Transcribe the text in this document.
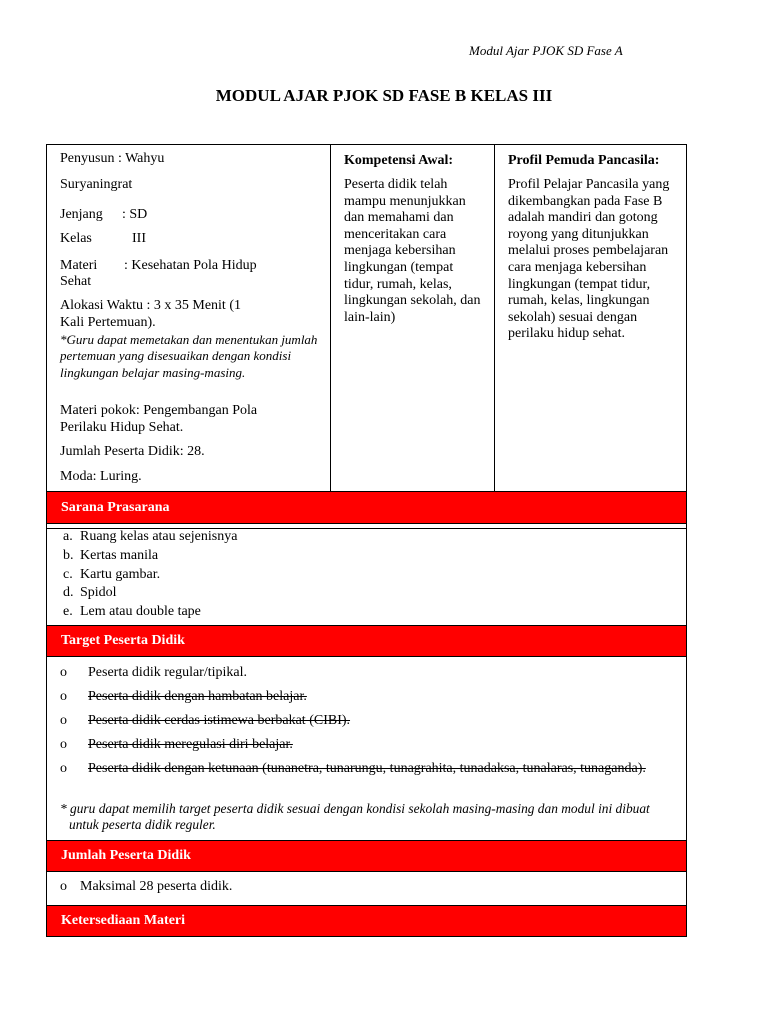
Modul Ajar PJOK SD Fase A
MODUL AJAR PJOK SD FASE B KELAS III
Penyusun : Wahyu
Suryaningrat
Jenjang : SD
Kelas	III
Materi : Kesehatan Pola Hidup
Sehat
Alokasi Waktu : 3 x 35 Menit (1
Kali Pertemuan).
*Guru dapat memetakan dan menentukan jumlah pertemuan yang disesuaikan dengan kondisi lingkungan belajar masing-masing.
Materi pokok: Pengembangan Pola Perilaku Hidup Sehat.
Jumlah Peserta Didik: 28.
Moda: Luring.
Kompetensi Awal:
Peserta didik telah mampu menunjukkan dan memahami dan menceritakan cara menjaga kebersihan lingkungan (tempat tidur, rumah, kelas, lingkungan sekolah, dan lain-lain)
Profil Pemuda Pancasila:
Profil Pelajar Pancasila yang dikembangkan pada Fase B adalah mandiri dan gotong royong yang ditunjukkan melalui proses pembelajaran cara menjaga kebersihan lingkungan (tempat tidur, rumah, kelas, lingkungan sekolah) sesuai dengan perilaku hidup sehat.
Sarana Prasarana
a. Ruang kelas atau sejenisnya
b. Kertas manila
c. Kartu gambar.
d. Spidol
e. Lem atau double tape
Target Peserta Didik
o Peserta didik regular/tipikal.
o Peserta didik dengan hambatan belajar.
o Peserta didik cerdas istimewa berbakat (CIBI).
o Peserta didik meregulasi diri belajar.
o Peserta didik dengan ketunaan (tunanetra, tunarungu, tunagrahita, tunadaksa, tunalaras, tunaganda).
* guru dapat memilih target peserta didik sesuai dengan kondisi sekolah masing-masing dan modul ini dibuat untuk peserta didik reguler.
Jumlah Peserta Didik
o Maksimal 28 peserta didik.
Ketersediaan Materi
